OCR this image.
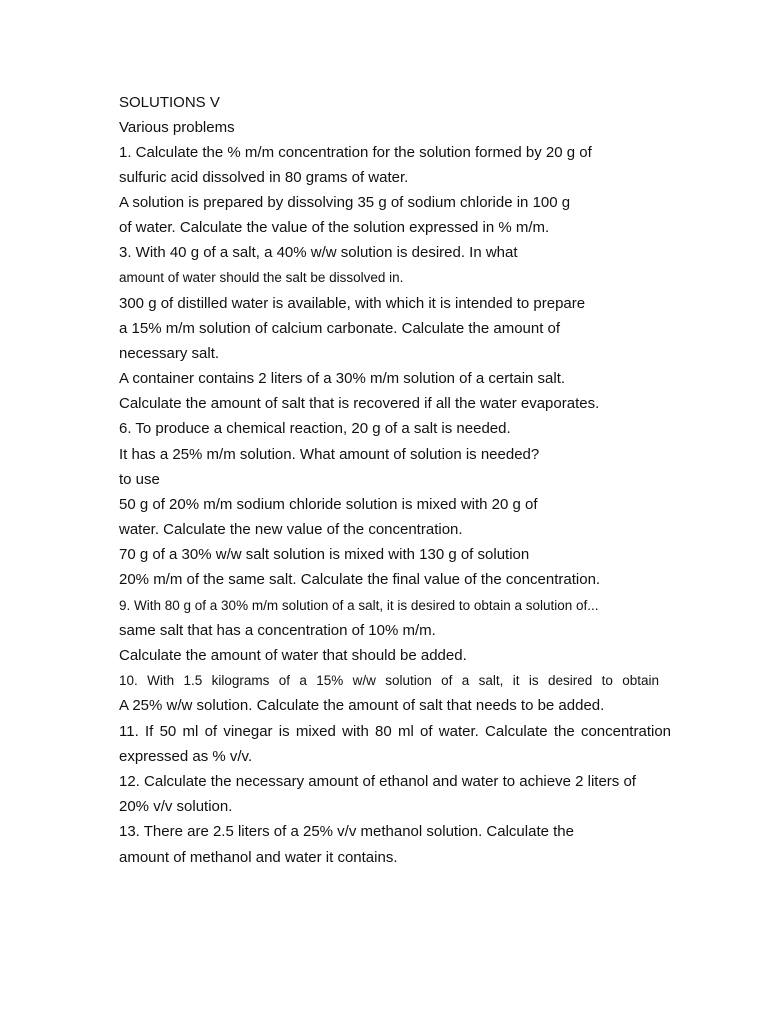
SOLUTIONS V
Various problems
1. Calculate the % m/m concentration for the solution formed by 20 g of
sulfuric acid dissolved in 80 grams of water.
A solution is prepared by dissolving 35 g of sodium chloride in 100 g
of water. Calculate the value of the solution expressed in % m/m.
3. With 40 g of a salt, a 40% w/w solution is desired. In what
amount of water should the salt be dissolved in.
300 g of distilled water is available, with which it is intended to prepare
a 15% m/m solution of calcium carbonate. Calculate the amount of
necessary salt.
A container contains 2 liters of a 30% m/m solution of a certain salt.
Calculate the amount of salt that is recovered if all the water evaporates.
6. To produce a chemical reaction, 20 g of a salt is needed.
It has a 25% m/m solution. What amount of solution is needed?
to use
50 g of 20% m/m sodium chloride solution is mixed with 20 g of
water. Calculate the new value of the concentration.
70 g of a 30% w/w salt solution is mixed with 130 g of solution
20% m/m of the same salt. Calculate the final value of the concentration.
9. With 80 g of a 30% m/m solution of a salt, it is desired to obtain a solution of...
same salt that has a concentration of 10% m/m.
Calculate the amount of water that should be added.
10. With 1.5 kilograms of a 15% w/w solution of a salt, it is desired to obtain
A 25% w/w solution. Calculate the amount of salt that needs to be added.
11. If 50 ml of vinegar is mixed with 80 ml of water. Calculate the concentration
expressed as % v/v.
12. Calculate the necessary amount of ethanol and water to achieve 2 liters of
20% v/v solution.
13. There are 2.5 liters of a 25% v/v methanol solution. Calculate the
amount of methanol and water it contains.
